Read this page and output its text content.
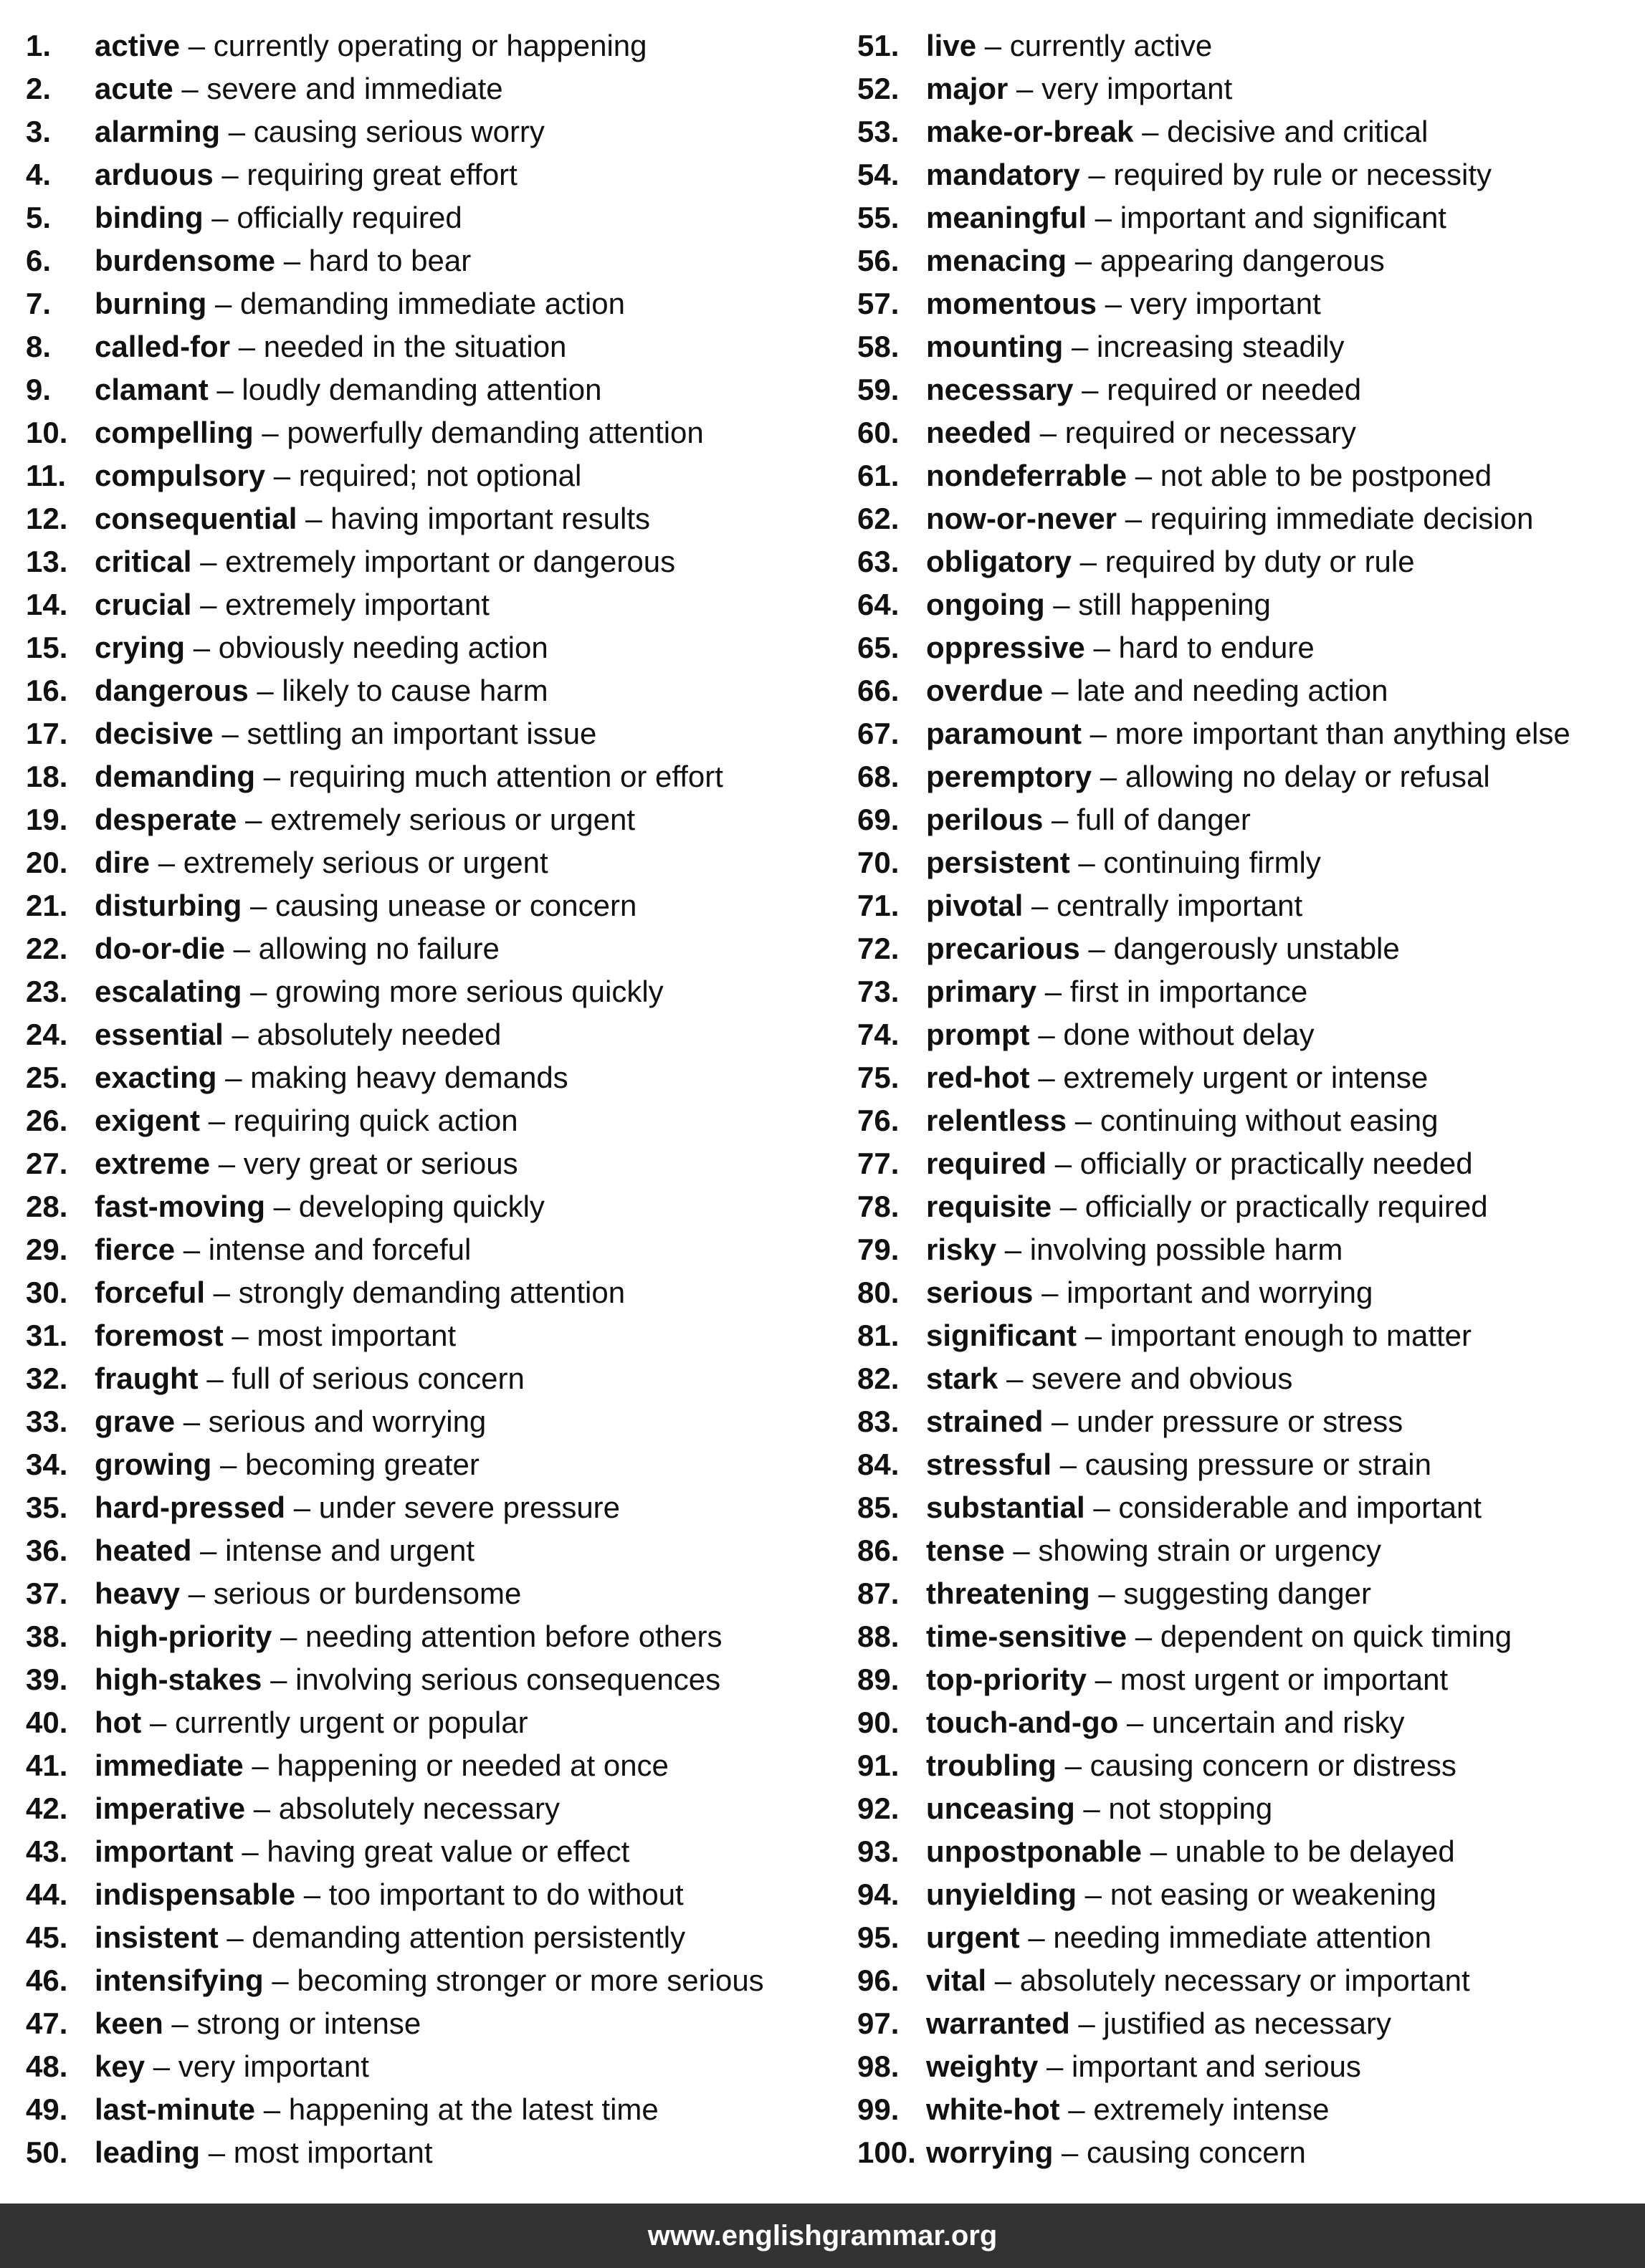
1. active – currently operating or happening
2. acute – severe and immediate
3. alarming – causing serious worry
4. arduous – requiring great effort
5. binding – officially required
6. burdensome – hard to bear
7. burning – demanding immediate action
8. called-for – needed in the situation
9. clamant – loudly demanding attention
10. compelling – powerfully demanding attention
11. compulsory – required; not optional
12. consequential – having important results
13. critical – extremely important or dangerous
14. crucial – extremely important
15. crying – obviously needing action
16. dangerous – likely to cause harm
17. decisive – settling an important issue
18. demanding – requiring much attention or effort
19. desperate – extremely serious or urgent
20. dire – extremely serious or urgent
21. disturbing – causing unease or concern
22. do-or-die – allowing no failure
23. escalating – growing more serious quickly
24. essential – absolutely needed
25. exacting – making heavy demands
26. exigent – requiring quick action
27. extreme – very great or serious
28. fast-moving – developing quickly
29. fierce – intense and forceful
30. forceful – strongly demanding attention
31. foremost – most important
32. fraught – full of serious concern
33. grave – serious and worrying
34. growing – becoming greater
35. hard-pressed – under severe pressure
36. heated – intense and urgent
37. heavy – serious or burdensome
38. high-priority – needing attention before others
39. high-stakes – involving serious consequences
40. hot – currently urgent or popular
41. immediate – happening or needed at once
42. imperative – absolutely necessary
43. important – having great value or effect
44. indispensable – too important to do without
45. insistent – demanding attention persistently
46. intensifying – becoming stronger or more serious
47. keen – strong or intense
48. key – very important
49. last-minute – happening at the latest time
50. leading – most important
51. live – currently active
52. major – very important
53. make-or-break – decisive and critical
54. mandatory – required by rule or necessity
55. meaningful – important and significant
56. menacing – appearing dangerous
57. momentous – very important
58. mounting – increasing steadily
59. necessary – required or needed
60. needed – required or necessary
61. nondeferrable – not able to be postponed
62. now-or-never – requiring immediate decision
63. obligatory – required by duty or rule
64. ongoing – still happening
65. oppressive – hard to endure
66. overdue – late and needing action
67. paramount – more important than anything else
68. peremptory – allowing no delay or refusal
69. perilous – full of danger
70. persistent – continuing firmly
71. pivotal – centrally important
72. precarious – dangerously unstable
73. primary – first in importance
74. prompt – done without delay
75. red-hot – extremely urgent or intense
76. relentless – continuing without easing
77. required – officially or practically needed
78. requisite – officially or practically required
79. risky – involving possible harm
80. serious – important and worrying
81. significant – important enough to matter
82. stark – severe and obvious
83. strained – under pressure or stress
84. stressful – causing pressure or strain
85. substantial – considerable and important
86. tense – showing strain or urgency
87. threatening – suggesting danger
88. time-sensitive – dependent on quick timing
89. top-priority – most urgent or important
90. touch-and-go – uncertain and risky
91. troubling – causing concern or distress
92. unceasing – not stopping
93. unpostponable – unable to be delayed
94. unyielding – not easing or weakening
95. urgent – needing immediate attention
96. vital – absolutely necessary or important
97. warranted – justified as necessary
98. weighty – important and serious
99. white-hot – extremely intense
100. worrying – causing concern
www.englishgrammar.org
